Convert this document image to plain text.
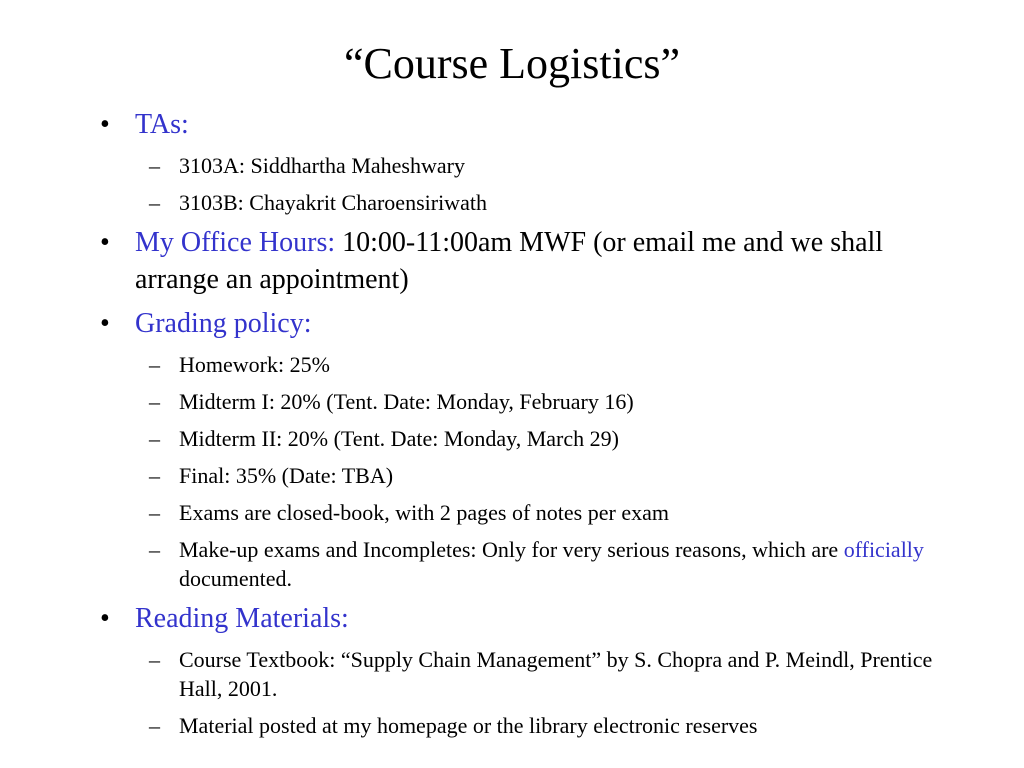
“Course Logistics”
• TAs:
– 3103A: Siddhartha Maheshwary
– 3103B: Chayakrit Charoensiriwath
• My Office Hours: 10:00-11:00am MWF (or email me and we shall arrange an appointment)
• Grading policy:
– Homework: 25%
– Midterm I: 20% (Tent. Date: Monday, February 16)
– Midterm II: 20% (Tent. Date: Monday, March 29)
– Final: 35% (Date: TBA)
– Exams are closed-book, with 2 pages of notes per exam
– Make-up exams and Incompletes: Only for very serious reasons, which are officially documented.
• Reading Materials:
– Course Textbook: “Supply Chain Management” by S. Chopra and P. Meindl, Prentice Hall, 2001.
– Material posted at my homepage or the library electronic reserves
